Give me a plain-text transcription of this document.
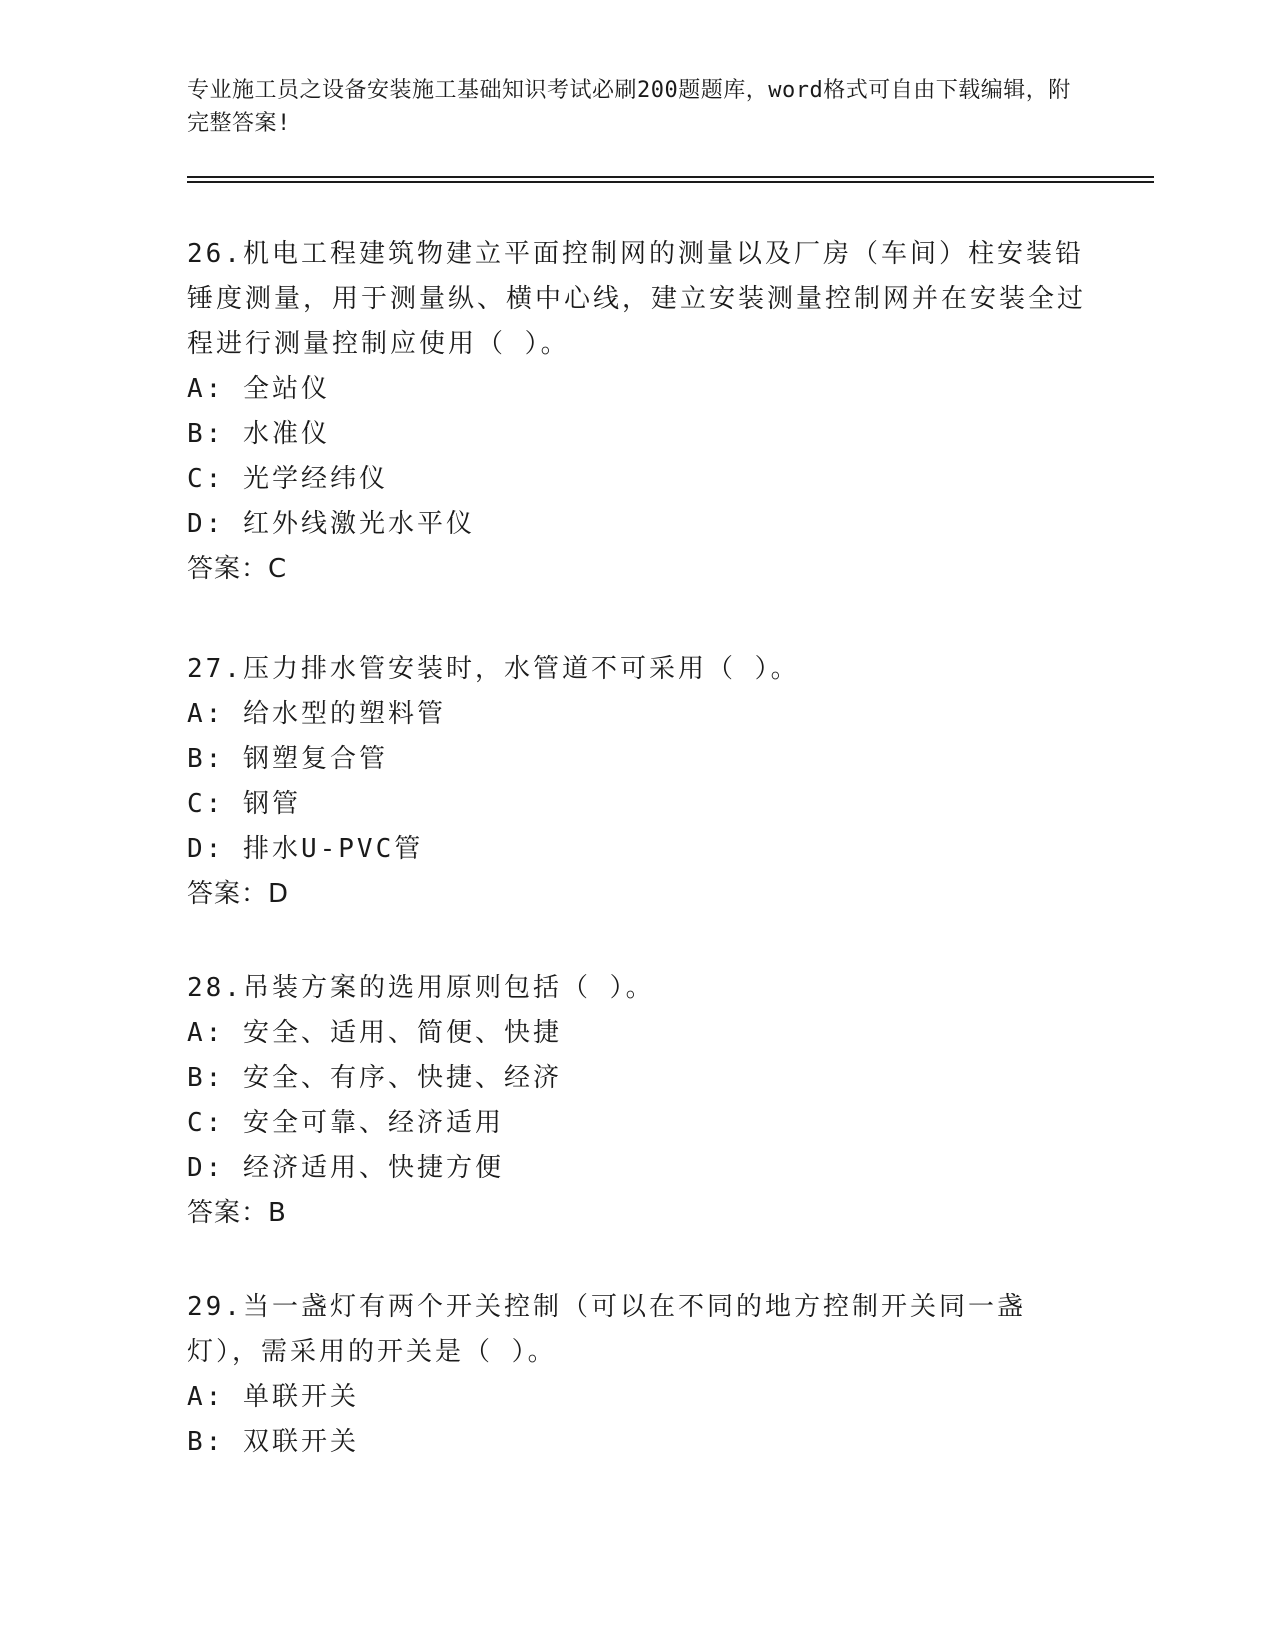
专业施工员之设备安装施工基础知识考试必刷200题题库，word格式可自由下载编辑，附完整答案!
26.机电工程建筑物建立平面控制网的测量以及厂房（车间）柱安装铅锤度测量，用于测量纵、横中心线，建立安装测量控制网并在安装全过程进行测量控制应使用（ ）。
A: 全站仪
B: 水准仪
C: 光学经纬仪
D: 红外线激光水平仪
答案：C
27.压力排水管安装时，水管道不可采用（ ）。
A: 给水型的塑料管
B: 钢塑复合管
C: 钢管
D: 排水U-PVC管
答案：D
28.吊装方案的选用原则包括（ ）。
A: 安全、适用、简便、快捷
B: 安全、有序、快捷、经济
C: 安全可靠、经济适用
D: 经济适用、快捷方便
答案：B
29.当一盏灯有两个开关控制（可以在不同的地方控制开关同一盏灯），需采用的开关是（ ）。
A: 单联开关
B: 双联开关
